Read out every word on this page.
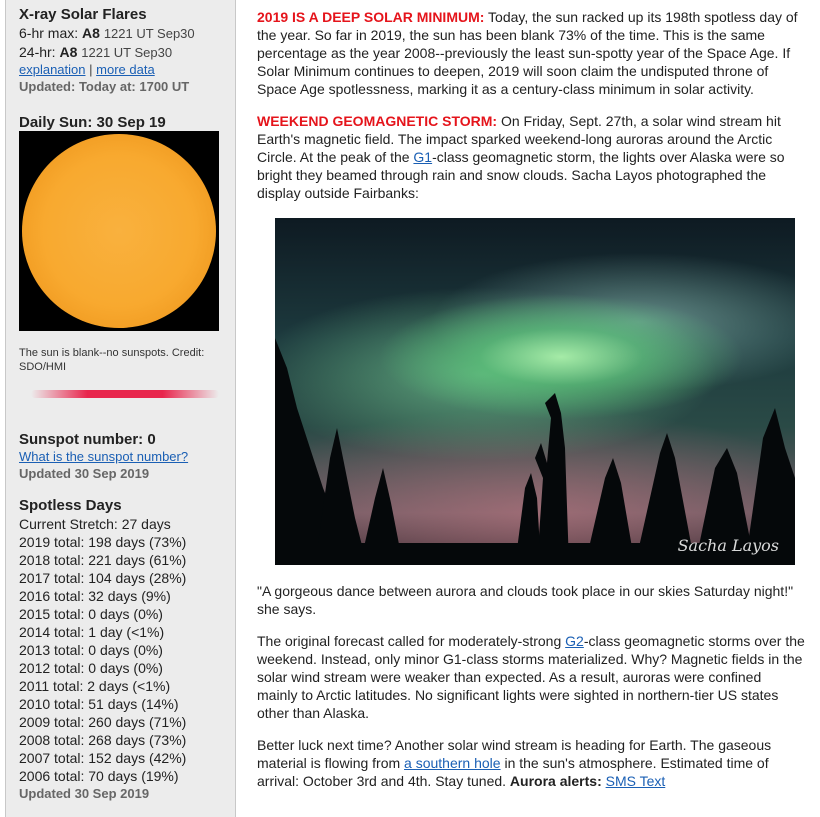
X-ray Solar Flares
6-hr max: A8 1221 UT Sep30
24-hr: A8 1221 UT Sep30
explanation | more data
Updated: Today at: 1700 UT
Daily Sun: 30 Sep 19
The sun is blank--no sunspots. Credit: SDO/HMI
Sunspot number: 0
What is the sunspot number?
Updated 30 Sep 2019
Spotless Days
Current Stretch: 27 days
2019 total: 198 days (73%)
2018 total: 221 days (61%)
2017 total: 104 days (28%)
2016 total: 32 days (9%)
2015 total: 0 days (0%)
2014 total: 1 day (<1%)
2013 total: 0 days (0%)
2012 total: 0 days (0%)
2011 total: 2 days (<1%)
2010 total: 51 days (14%)
2009 total: 260 days (71%)
2008 total: 268 days (73%)
2007 total: 152 days (42%)
2006 total: 70 days (19%)
Updated 30 Sep 2019

2019 IS A DEEP SOLAR MINIMUM: Today, the sun racked up its 198th spotless day of the year. So far in 2019, the sun has been blank 73% of the time. This is the same percentage as the year 2008--previously the least sun-spotty year of the Space Age. If Solar Minimum continues to deepen, 2019 will soon claim the undisputed throne of Space Age spotlessness, marking it as a century-class minimum in solar activity.

WEEKEND GEOMAGNETIC STORM: On Friday, Sept. 27th, a solar wind stream hit Earth's magnetic field. The impact sparked weekend-long auroras around the Arctic Circle. At the peak of the G1-class geomagnetic storm, the lights over Alaska were so bright they beamed through rain and snow clouds. Sacha Layos photographed the display outside Fairbanks:

Sacha Layos

"A gorgeous dance between aurora and clouds took place in our skies Saturday night!" she says.

The original forecast called for moderately-strong G2-class geomagnetic storms over the weekend. Instead, only minor G1-class storms materialized. Why? Magnetic fields in the solar wind stream were weaker than expected. As a result, auroras were confined mainly to Arctic latitudes. No significant lights were sighted in northern-tier US states other than Alaska.

Better luck next time? Another solar wind stream is heading for Earth. The gaseous material is flowing from a southern hole in the sun's atmosphere. Estimated time of arrival: October 3rd and 4th. Stay tuned. Aurora alerts: SMS Text
